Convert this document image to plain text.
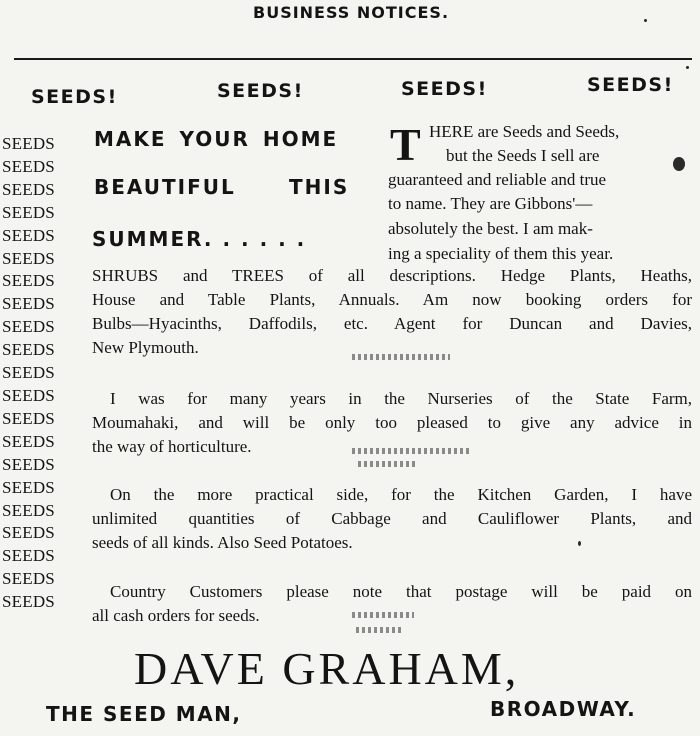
BUSINESS NOTICES.
SEEDS!	SEEDS!	SEEDS!	SEEDS!
SEEDS
SEEDS
SEEDS
SEEDS
SEEDS
SEEDS
SEEDS
SEEDS
SEEDS
SEEDS
SEEDS
SEEDS
SEEDS
SEEDS
SEEDS
SEEDS
SEEDS
SEEDS
SEEDS
SEEDS
SEEDS
MAKE YOUR HOME
BEAUTIFUL	THIS
SUMMER. . . . . .
T HERE are Seeds and Seeds,
but the Seeds I sell are
guaranteed and reliable and true
to name. They are Gibbons'—
absolutely the best. I am mak-
ing a speciality of them this year.
SHRUBS and TREES of all descriptions. Hedge Plants, Heaths,
House and Table Plants, Annuals. Am now booking orders for
Bulbs—Hyacinths, Daffodils, etc. Agent for Duncan and Davies,
New Plymouth.
I was for many years in the Nurseries of the State Farm,
Moumahaki, and will be only too pleased to give any advice in
the way of horticulture.
On the more practical side, for the Kitchen Garden, I have
unlimited quantities of Cabbage and Cauliflower Plants, and
seeds of all kinds. Also Seed Potatoes.
Country Customers please note that postage will be paid on
all cash orders for seeds.
DAVE GRAHAM,
THE SEED MAN,	BROADWAY.
